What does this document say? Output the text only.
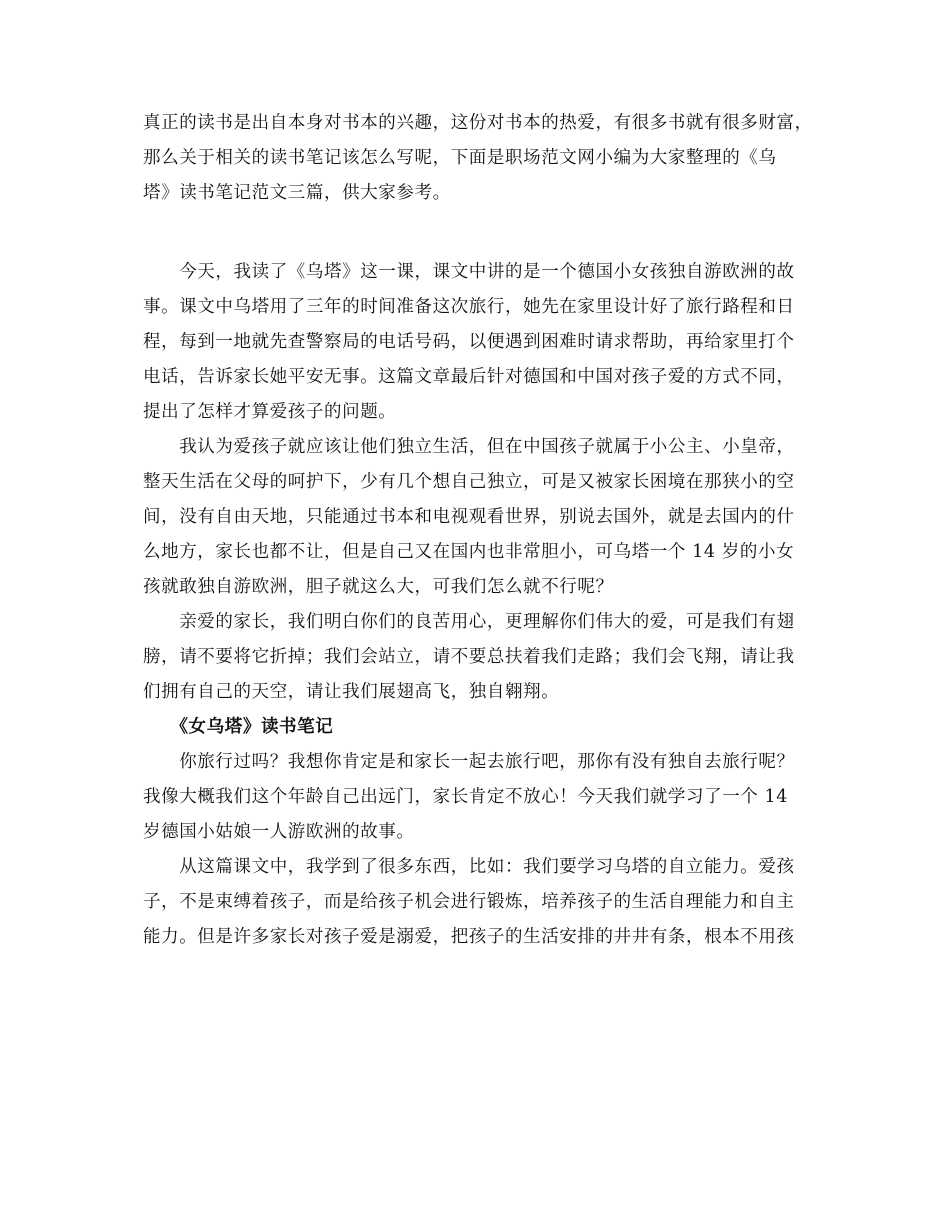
真正的读书是出自本身对书本的兴趣，这份对书本的热爱，有很多书就有很多财富，
那么关于相关的读书笔记该怎么写呢，下面是职场范文网小编为大家整理的《乌
塔》读书笔记范文三篇，供大家参考。
　　今天，我读了《乌塔》这一课，课文中讲的是一个德国小女孩独自游欧洲的故
事。课文中乌塔用了三年的时间准备这次旅行，她先在家里设计好了旅行路程和日
程，每到一地就先查警察局的电话号码，以便遇到困难时请求帮助，再给家里打个
电话，告诉家长她平安无事。这篇文章最后针对德国和中国对孩子爱的方式不同，
提出了怎样才算爱孩子的问题。
　　我认为爱孩子就应该让他们独立生活，但在中国孩子就属于小公主、小皇帝，
整天生活在父母的呵护下，少有几个想自己独立，可是又被家长困境在那狭小的空
间，没有自由天地，只能通过书本和电视观看世界，别说去国外，就是去国内的什
么地方，家长也都不让，但是自己又在国内也非常胆小，可乌塔一个 14 岁的小女
孩就敢独自游欧洲，胆子就这么大，可我们怎么就不行呢？
　　亲爱的家长，我们明白你们的良苦用心，更理解你们伟大的爱，可是我们有翅
膀，请不要将它折掉；我们会站立，请不要总扶着我们走路；我们会飞翔，请让我
们拥有自己的天空，请让我们展翅高飞，独自翱翔。
　　《女乌塔》读书笔记
　　你旅行过吗？我想你肯定是和家长一起去旅行吧，那你有没有独自去旅行呢？
我像大概我们这个年龄自己出远门，家长肯定不放心！今天我们就学习了一个 14
岁德国小姑娘一人游欧洲的故事。
　　从这篇课文中，我学到了很多东西，比如：我们要学习乌塔的自立能力。爱孩
子，不是束缚着孩子，而是给孩子机会进行锻炼，培养孩子的生活自理能力和自主
能力。但是许多家长对孩子爱是溺爱，把孩子的生活安排的井井有条，根本不用孩
